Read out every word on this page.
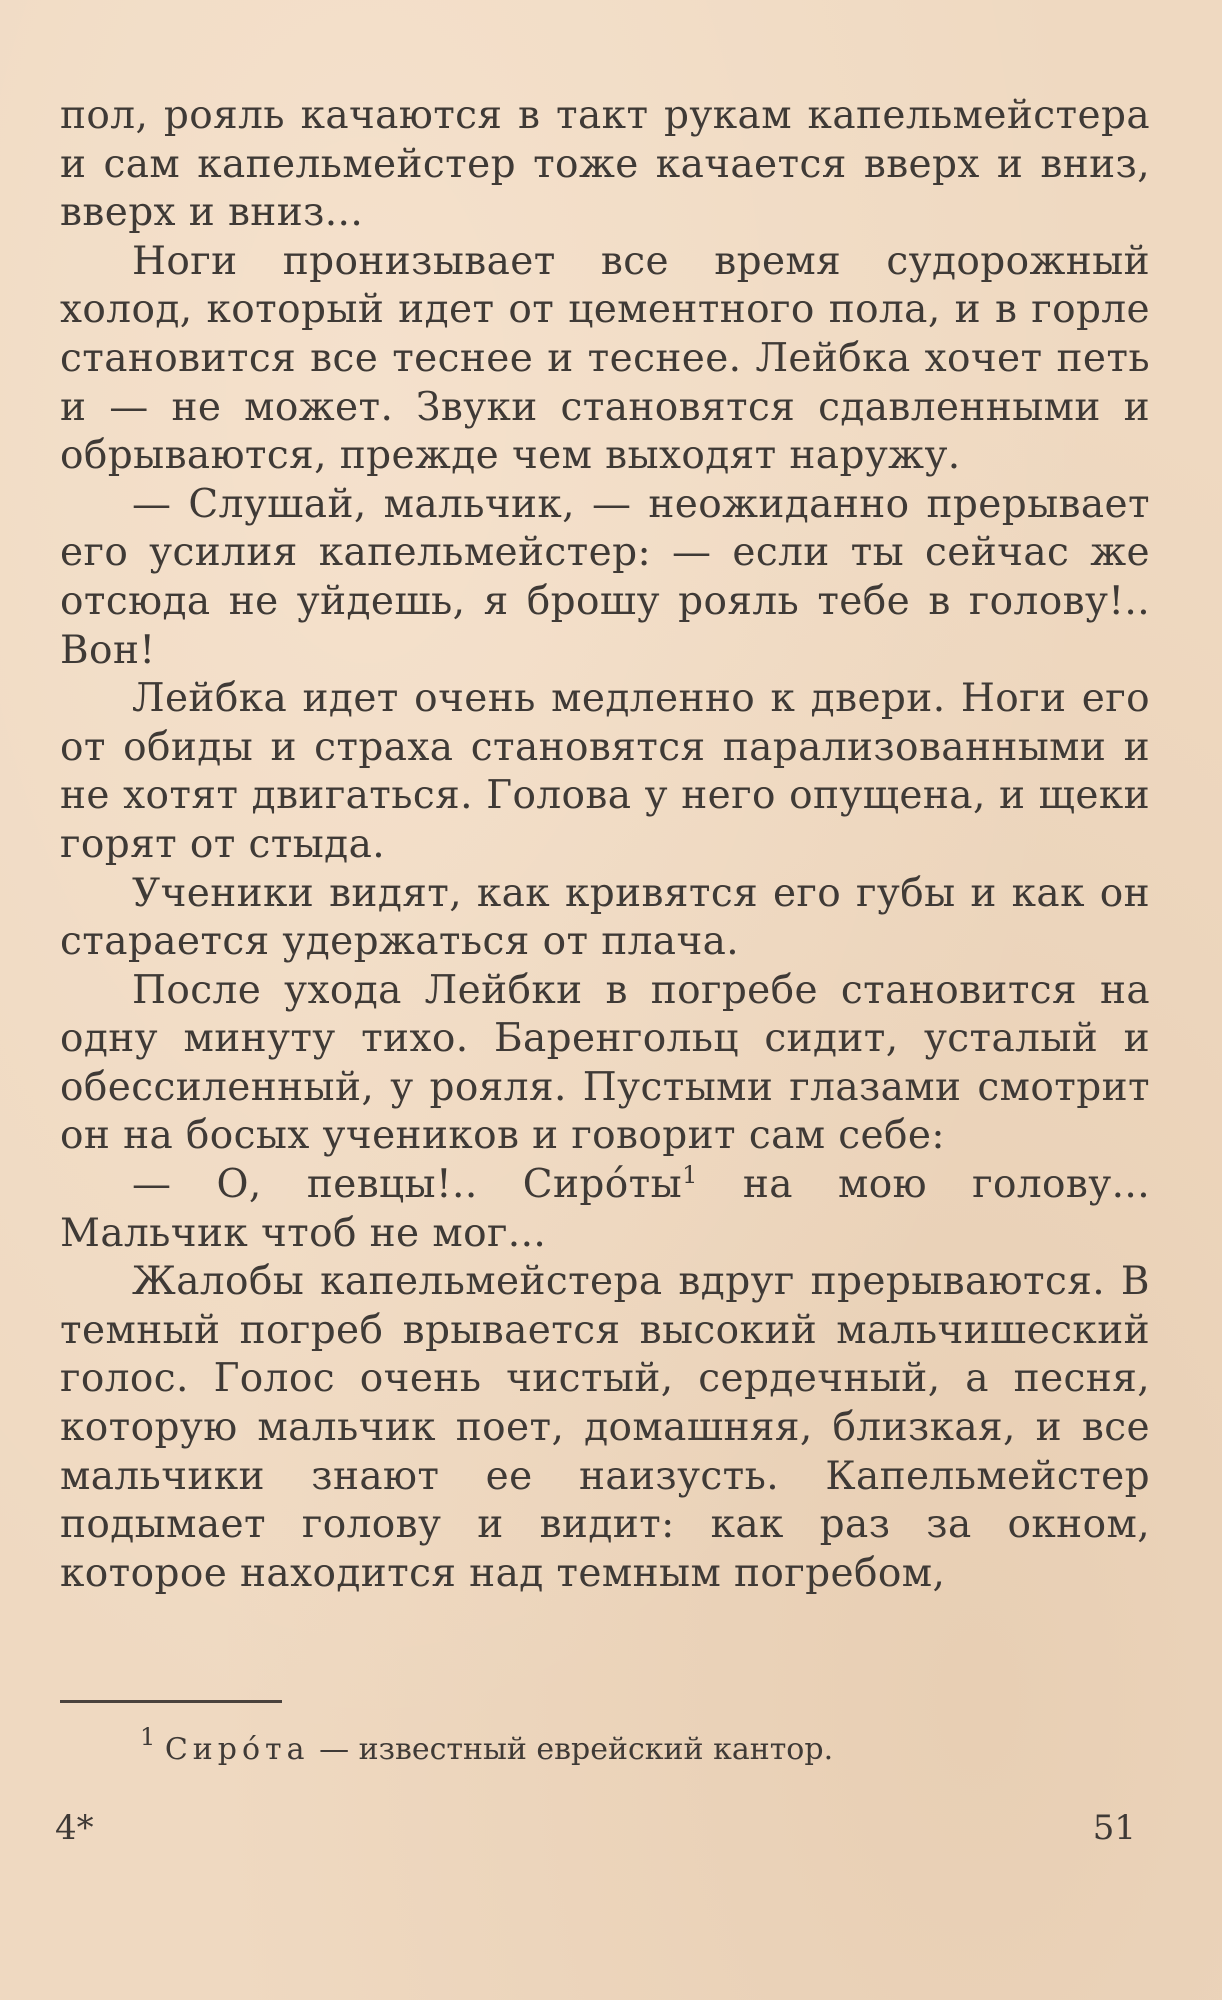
пол, рояль качаются в такт рукам капельмейстера и сам капельмейстер тоже качается вверх и вниз, вверх и вниз...

Ноги пронизывает все время судорожный холод, который идет от цементного пола, и в горле становится все теснее и теснее. Лейбка хочет петь и — не может. Звуки становятся сдавленными и обрываются, прежде чем выходят наружу.

— Слушай, мальчик, — неожиданно прерывает его усилия капельмейстер: — если ты сейчас же отсюда не уйдешь, я брошу рояль тебе в голову!.. Вон!

Лейбка идет очень медленно к двери. Ноги его от обиды и страха становятся парализованными и не хотят двигаться. Голова у него опущена, и щеки горят от стыда.

Ученики видят, как кривятся его губы и как он старается удержаться от плача.

После ухода Лейбки в погребе становится на одну минуту тихо. Баренгольц сидит, усталый и обессиленный, у рояля. Пустыми глазами смотрит он на босых учеников и говорит сам себе:

— О, певцы!.. Сиро́ты$^1$ на мою голову... Мальчик чтоб не мог...

Жалобы капельмейстера вдруг прерываются. В темный погреб врывается высокий мальчишеский голос. Голос очень чистый, сердечный, а песня, которую мальчик поет, домашняя, близкая, и все мальчики знают ее наизусть. Капельмейстер подымает голову и видит: как раз за окном, которое находится над темным погребом,

$^1$ Сиро́та — известный еврейский кантор.
4*	51
